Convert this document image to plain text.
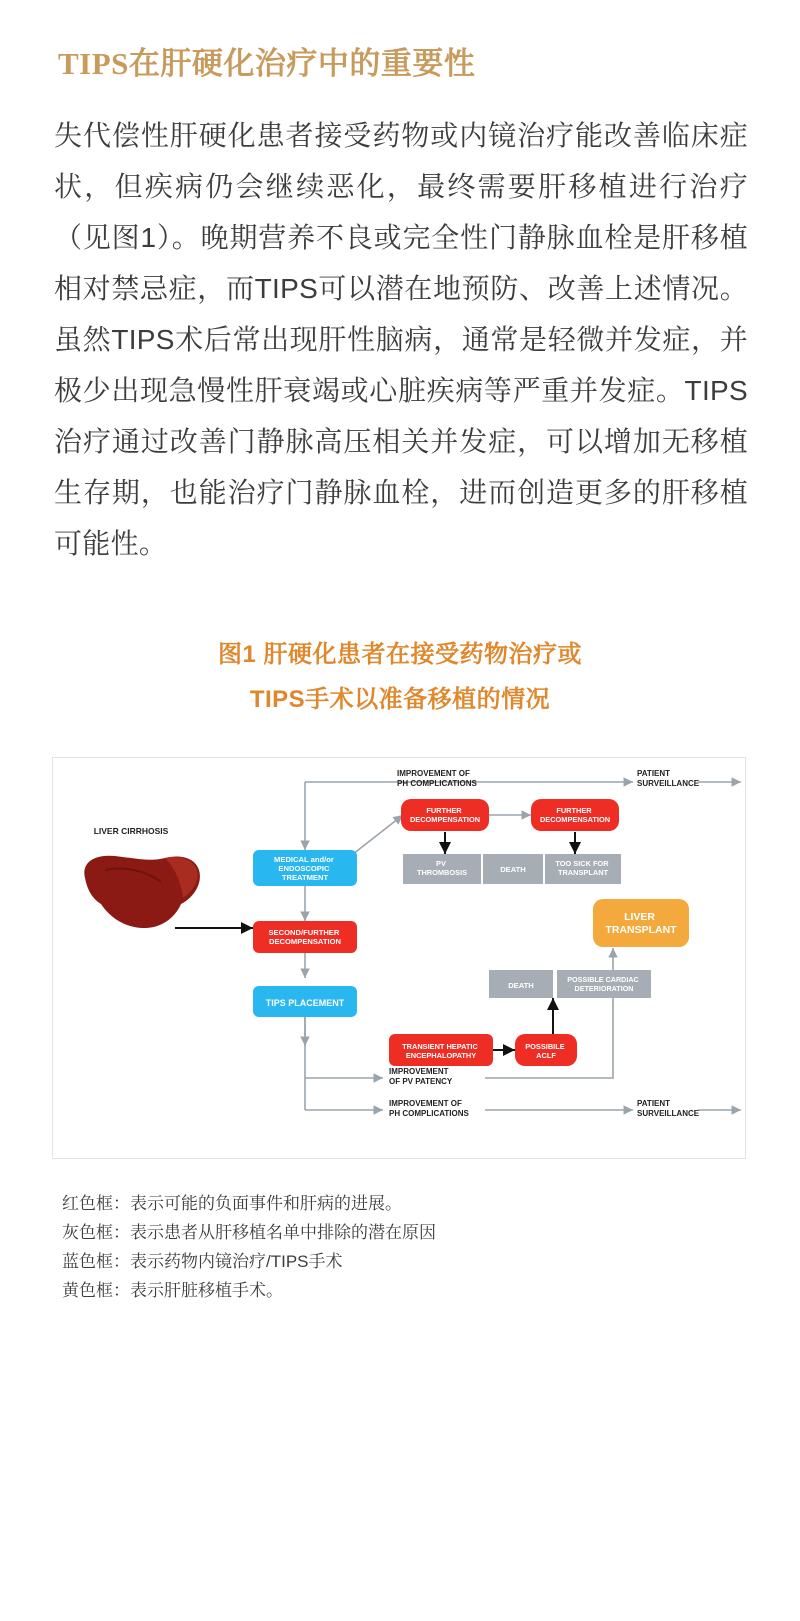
TIPS在肝硬化治疗中的重要性

失代偿性肝硬化患者接受药物或内镜治疗能改善临床症状，但疾病仍会继续恶化，最终需要肝移植进行治疗（见图1）。晚期营养不良或完全性门静脉血栓是肝移植相对禁忌症，而TIPS可以潜在地预防、改善上述情况。虽然TIPS术后常出现肝性脑病，通常是轻微并发症，并极少出现急慢性肝衰竭或心脏疾病等严重并发症。TIPS治疗通过改善门静脉高压相关并发症，可以增加无移植生存期，也能治疗门静脉血栓，进而创造更多的肝移植可能性。

图1 肝硬化患者在接受药物治疗或
TIPS手术以准备移植的情况
LIVER CIRRHOSIS
IMPROVEMENT OF PH COMPLICATIONS
PATIENT SURVEILLANCE
IMPROVEMENT OF PV PATENCY
IMPROVEMENT OF PH COMPLICATIONS
PATIENT SURVEILLANCE
MEDICAL and/or ENDOSCOPIC TREATMENT
SECOND/FURTHER DECOMPENSATION
TIPS PLACEMENT
FURTHER DECOMPENSATION
FURTHER DECOMPENSATION
PV THROMBOSIS	DEATH
TOO SICK FOR TRANSPLANT
LIVER TRANSPLANT
DEATH
POSSIBLE CARDIAC DETERIORATION
TRANSIENT HEPATIC ENCEPHALOPATHY
POSSIBILE ACLF
红色框：表示可能的负面事件和肝病的进展。
灰色框：表示患者从肝移植名单中排除的潜在原因
蓝色框：表示药物内镜治疗/TIPS手术
黄色框：表示肝脏移植手术。
